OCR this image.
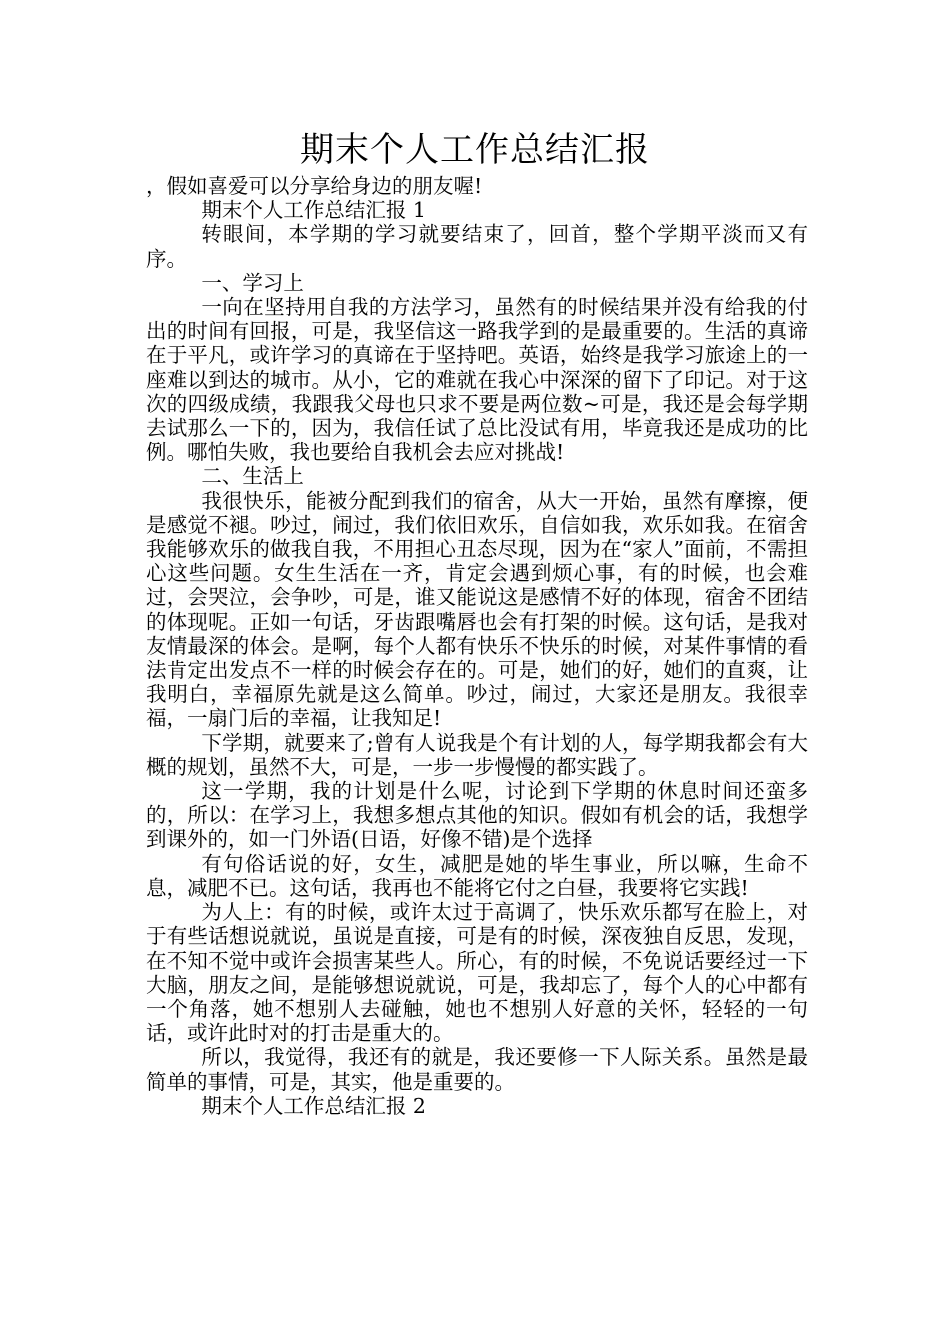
期末个人工作总结汇报

，假如喜爱可以分享给身边的朋友喔!

期末个人工作总结汇报 1

转眼间，本学期的学习就要结束了，回首，整个学期平淡而又有序。

一、学习上

一向在坚持用自我的方法学习，虽然有的时候结果并没有给我的付出的时间有回报，可是，我坚信这一路我学到的是最重要的。生活的真谛在于平凡，或许学习的真谛在于坚持吧。英语，始终是我学习旅途上的一座难以到达的城市。从小，它的难就在我心中深深的留下了印记。对于这次的四级成绩，我跟我父母也只求不要是两位数~可是，我还是会每学期去试那么一下的，因为，我信任试了总比没试有用，毕竟我还是成功的比例。哪怕失败，我也要给自我机会去应对挑战!

二、生活上

我很快乐，能被分配到我们的宿舍，从大一开始，虽然有摩擦，便是感觉不褪。吵过，闹过，我们依旧欢乐，自信如我，欢乐如我。在宿舍我能够欢乐的做我自我，不用担心丑态尽现，因为在“家人”面前，不需担心这些问题。女生生活在一齐，肯定会遇到烦心事，有的时候，也会难过，会哭泣，会争吵，可是，谁又能说这是感情不好的体现，宿舍不团结的体现呢。正如一句话，牙齿跟嘴唇也会有打架的时候。这句话，是我对友情最深的体会。是啊，每个人都有快乐不快乐的时候，对某件事情的看法肯定出发点不一样的时候会存在的。可是，她们的好，她们的直爽，让我明白，幸福原先就是这么简单。吵过，闹过，大家还是朋友。我很幸福，一扇门后的幸福，让我知足!

下学期，就要来了;曾有人说我是个有计划的人，每学期我都会有大概的规划，虽然不大，可是，一步一步慢慢的都实践了。

这一学期，我的计划是什么呢，讨论到下学期的休息时间还蛮多的，所以：在学习上，我想多想点其他的知识。假如有机会的话，我想学到课外的，如一门外语(日语，好像不错)是个选择

有句俗话说的好，女生，减肥是她的毕生事业，所以嘛，生命不息，减肥不已。这句话，我再也不能将它付之白昼，我要将它实践!

为人上：有的时候，或许太过于高调了，快乐欢乐都写在脸上，对于有些话想说就说，虽说是直接，可是有的时候，深夜独自反思，发现，在不知不觉中或许会损害某些人。所心，有的时候，不免说话要经过一下大脑，朋友之间，是能够想说就说，可是，我却忘了，每个人的心中都有一个角落，她不想别人去碰触，她也不想别人好意的关怀，轻轻的一句话，或许此时对的打击是重大的。

所以，我觉得，我还有的就是，我还要修一下人际关系。虽然是最简单的事情，可是，其实，他是重要的。

期末个人工作总结汇报 2
